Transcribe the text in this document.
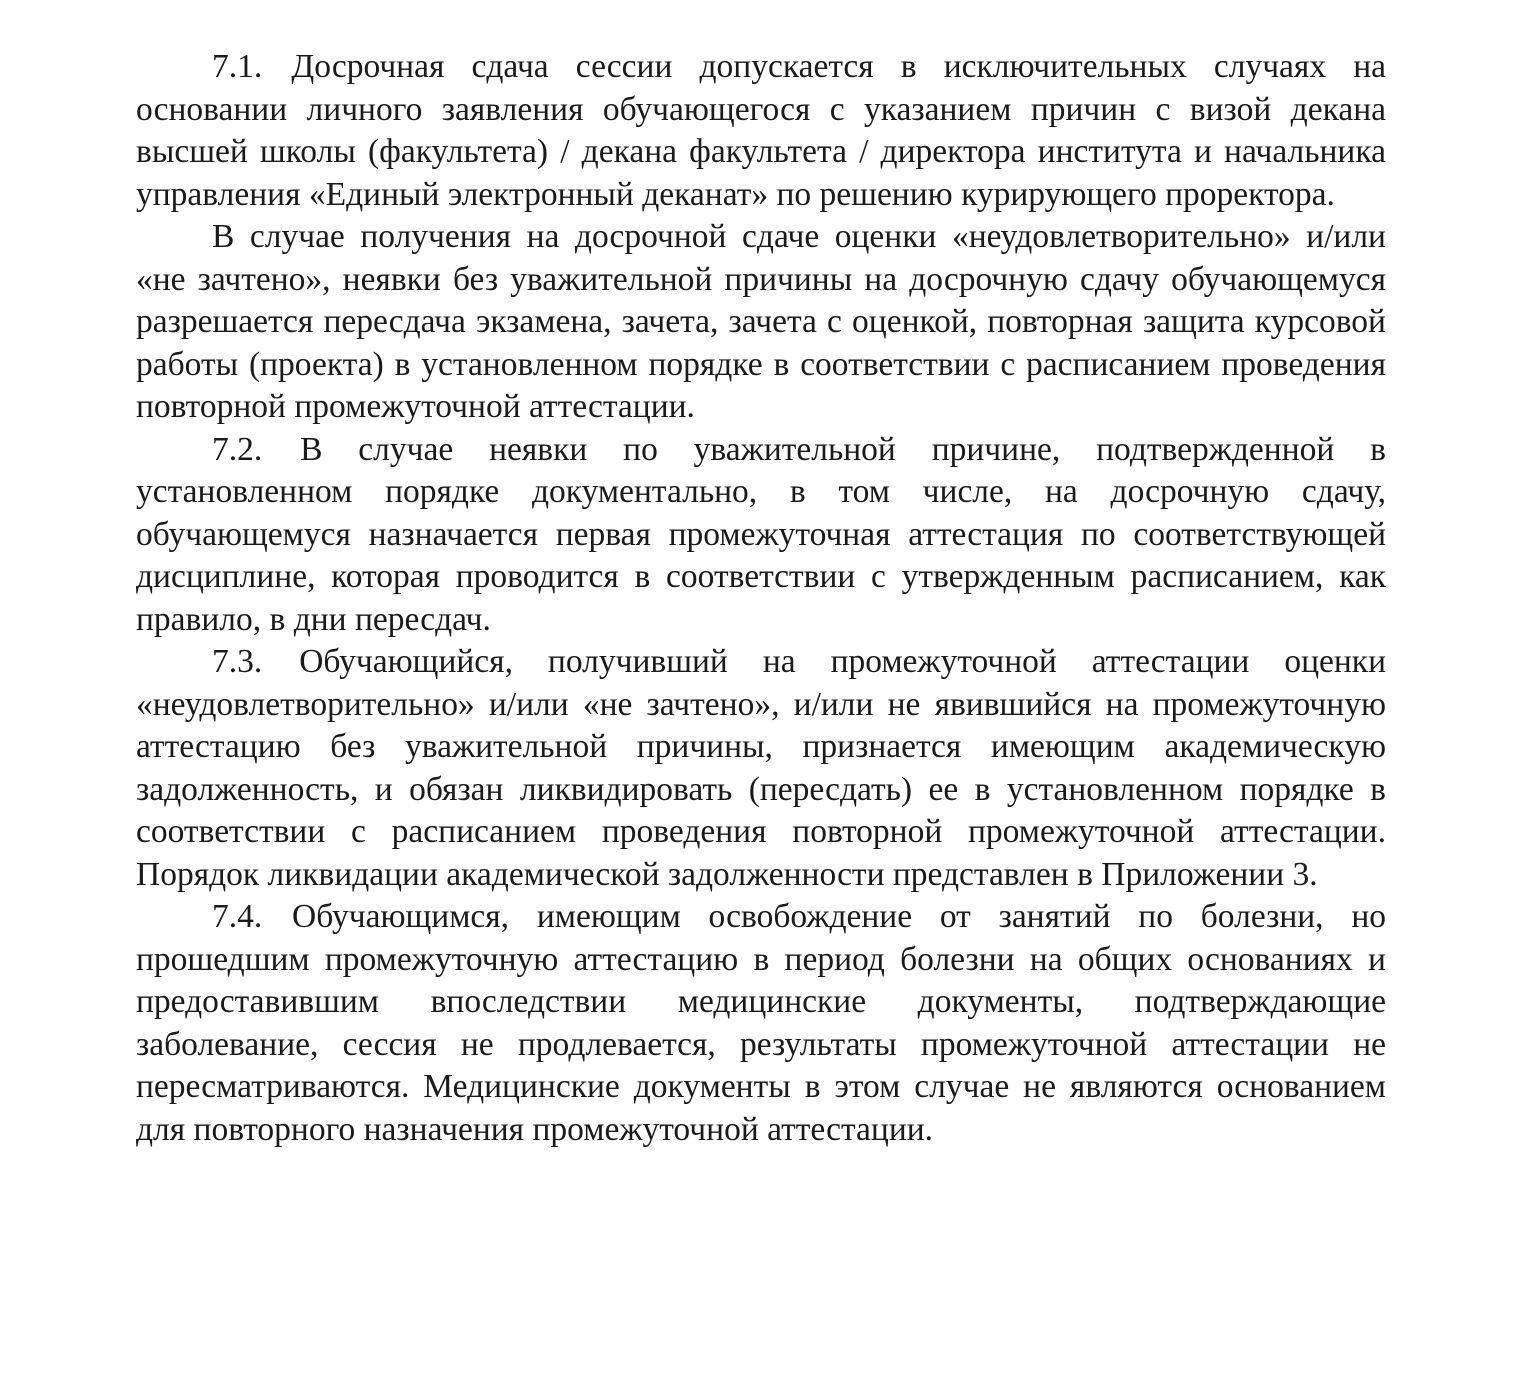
7.1. Досрочная сдача сессии допускается в исключительных случаях на основании личного заявления обучающегося с указанием причин с визой декана высшей школы (факультета) / декана факультета / директора института и начальника управления «Единый электронный деканат» по решению курирующего проректора.

В случае получения на досрочной сдаче оценки «неудовлетворительно» и/или «не зачтено», неявки без уважительной причины на досрочную сдачу обучающемуся разрешается пересдача экзамена, зачета, зачета с оценкой, повторная защита курсовой работы (проекта) в установленном порядке в соответствии с расписанием проведения повторной промежуточной аттестации.

7.2. В случае неявки по уважительной причине, подтвержденной в установленном порядке документально, в том числе, на досрочную сдачу, обучающемуся назначается первая промежуточная аттестация по соответствующей дисциплине, которая проводится в соответствии с утвержденным расписанием, как правило, в дни пересдач.

7.3. Обучающийся, получивший на промежуточной аттестации оценки «неудовлетворительно» и/или «не зачтено», и/или не явившийся на промежуточную аттестацию без уважительной причины, признается имеющим академическую задолженность, и обязан ликвидировать (пересдать) ее в установленном порядке в соответствии с расписанием проведения повторной промежуточной аттестации. Порядок ликвидации академической задолженности представлен в Приложении 3.

7.4. Обучающимся, имеющим освобождение от занятий по болезни, но прошедшим промежуточную аттестацию в период болезни на общих основаниях и предоставившим впоследствии медицинские документы, подтверждающие заболевание, сессия не продлевается, результаты промежуточной аттестации не пересматриваются. Медицинские документы в этом случае не являются основанием для повторного назначения промежуточной аттестации.
